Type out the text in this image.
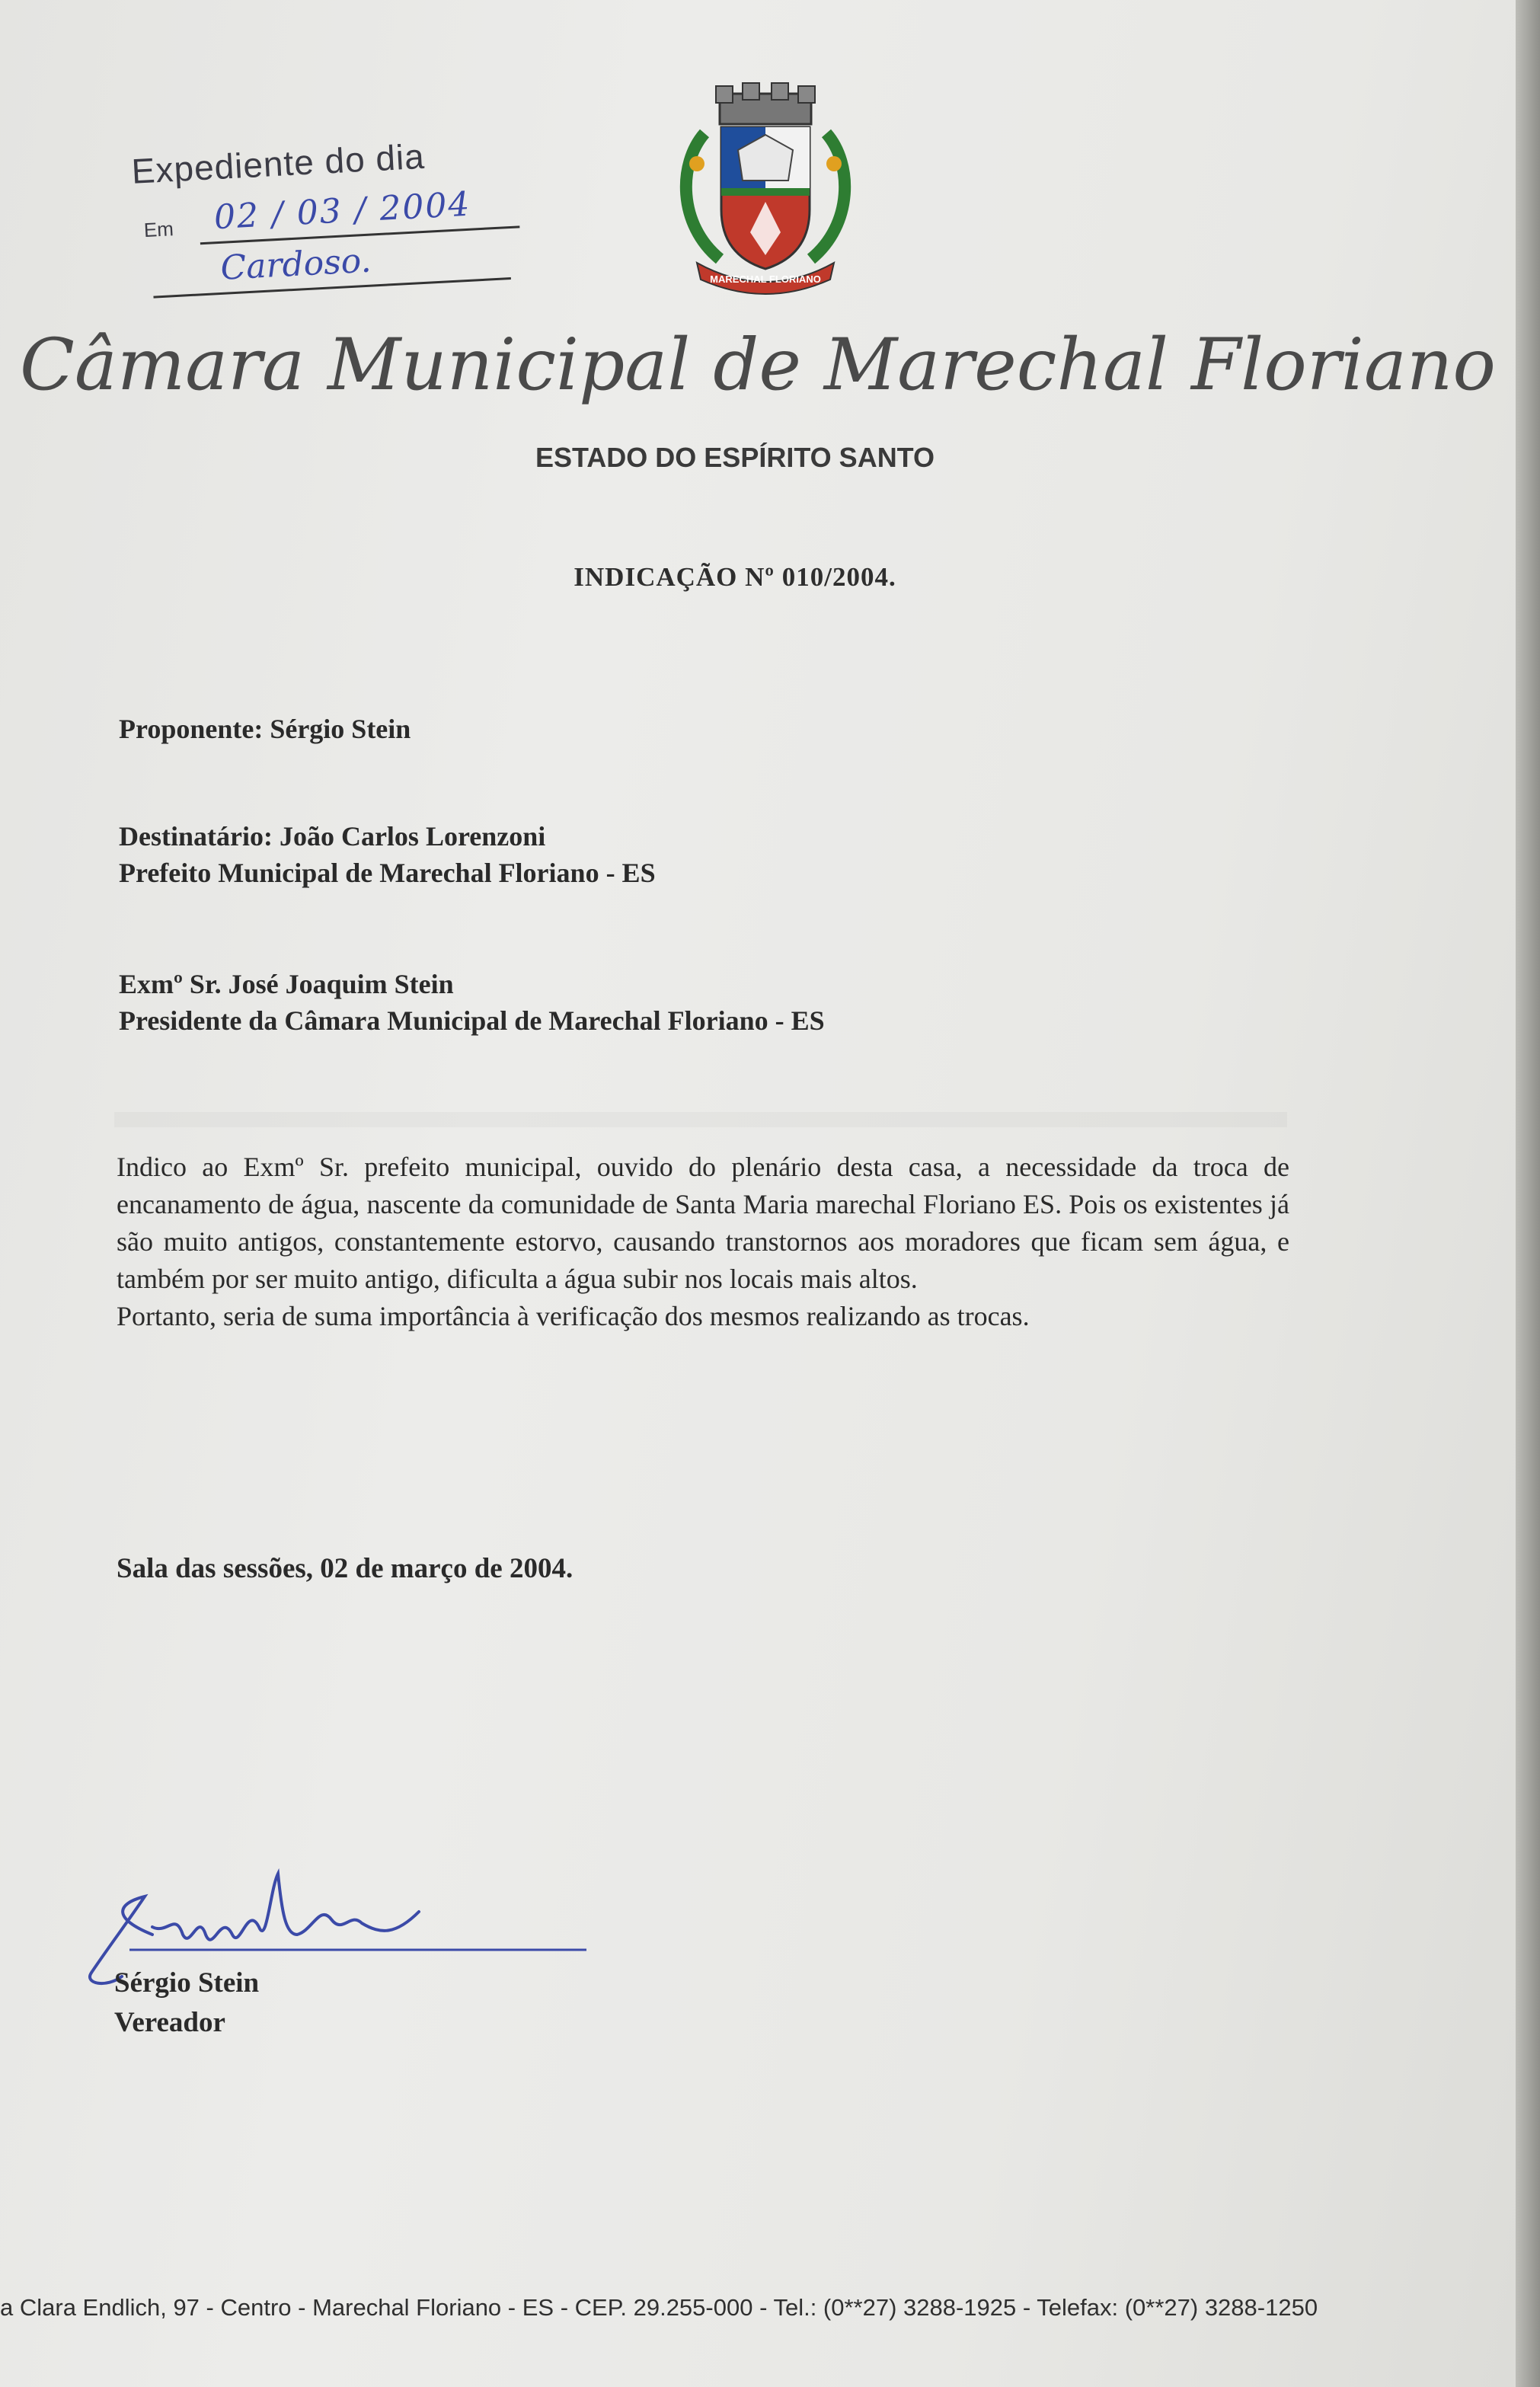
Expediente do dia
Em 02 / 03 / 2004
Cardoso.	MARECHAL FLORIANO
Câmara Municipal de Marechal Floriano
ESTADO DO ESPÍRITO SANTO
INDICAÇÃO Nº 010/2004.
Proponente: Sérgio Stein
Destinatário: João Carlos Lorenzoni
Prefeito Municipal de Marechal Floriano - ES
Exmº Sr. José Joaquim Stein
Presidente da Câmara Municipal de Marechal Floriano - ES

Indico ao Exmº Sr. prefeito municipal, ouvido do plenário desta casa, a necessidade da troca de encanamento de água, nascente da comunidade de Santa Maria marechal Floriano ES. Pois os existentes já são muito antigos, constantemente estorvo, causando transtornos aos moradores que ficam sem água, e também por ser muito antigo, dificulta a água subir nos locais mais altos.

Portanto, seria de suma importância à verificação dos mesmos realizando as trocas.

Sala das sessões, 02 de março de 2004.
Sérgio Stein
Vereador
a Clara Endlich, 97 - Centro - Marechal Floriano - ES - CEP. 29.255-000 - Tel.: (0**27) 3288-1925 - Telefax: (0**27) 3288-1250
